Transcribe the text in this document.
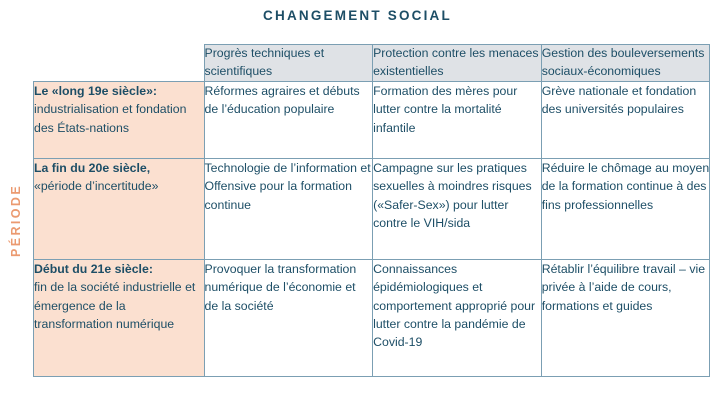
CHANGEMENT SOCIAL
PÉRIODE
	Progrès techniques et scientifiques	Protection contre les menaces existentielles	Gestion des bouleversements sociaux-économiques

Le «long 19e siècle»:
industrialisation et fondation des États-nations	Réformes agraires et débuts de l’éducation populaire	Formation des mères pour lutter contre la mortalité infantile	Grève nationale et fondation des universités populaires

La fin du 20e siècle,
«période d’incertitude»	Technologie de l’information et Offensive pour la formation continue	Campagne sur les pratiques sexuelles à moindres risques («Safer-Sex») pour lutter contre le VIH/sida	Réduire le chômage au moyen de la formation continue à des fins professionnelles

Début du 21e siècle:
fin de la société industrielle et émergence de la transformation numérique	Provoquer la transformation numérique de l’économie et de la société	Connaissances épidémiologiques et comportement approprié pour lutter contre la pandémie de Covid-19	Rétablir l’équilibre travail – vie privée à l’aide de cours, formations et guides
